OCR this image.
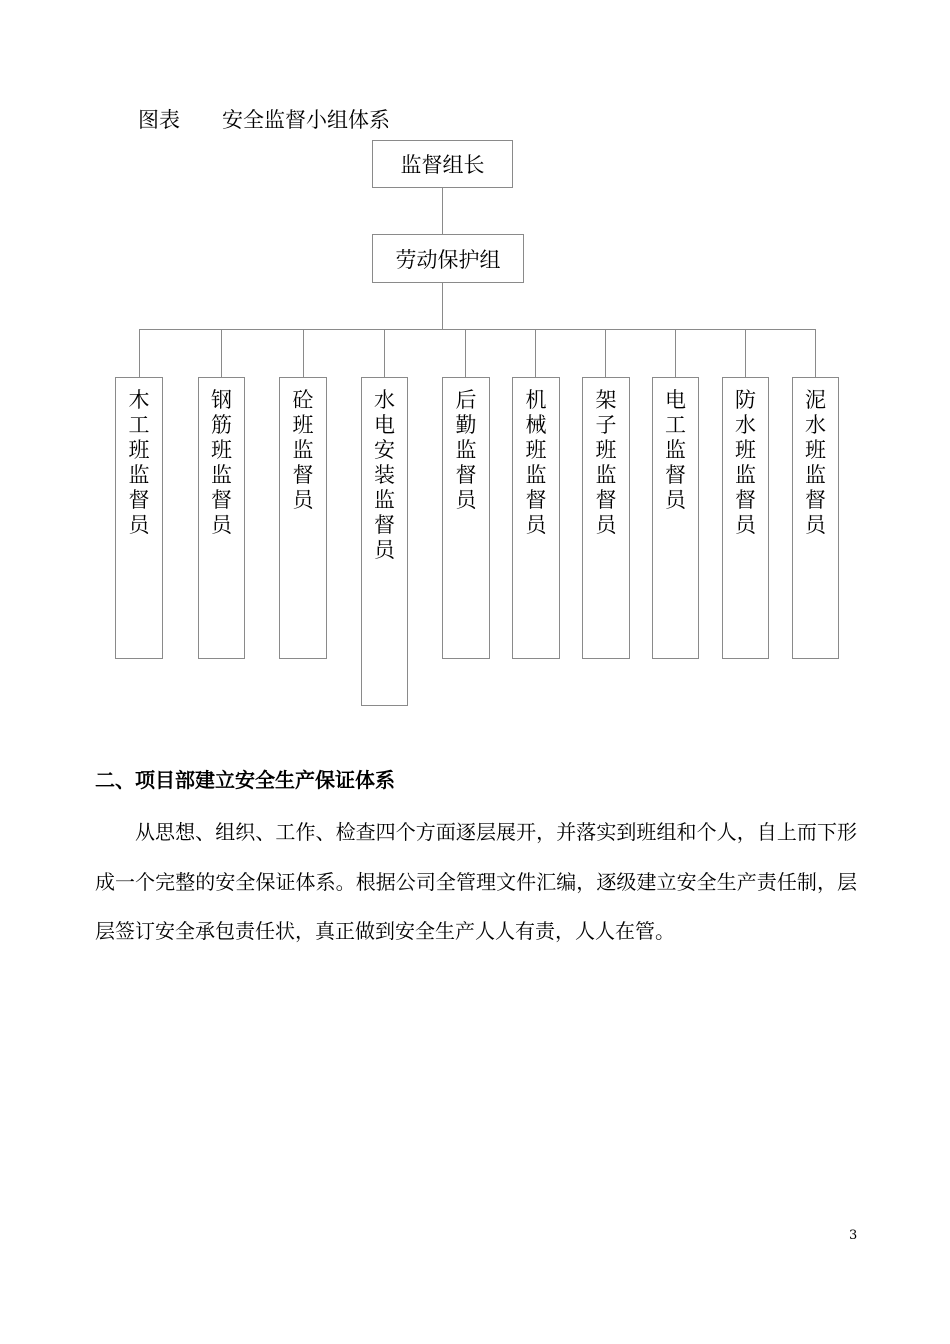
图表　　安全监督小组体系
监督组长
劳动保护组
木
工
班
监
督
员
钢
筋
班
监
督
员
砼
班
监
督
员
水
电
安
装
监
督
员
后
勤
监
督
员
机
械
班
监
督
员
架
子
班
监
督
员
电
工
监
督
员
防
水
班
监
督
员
泥
水
班
监
督
员
二、项目部建立安全生产保证体系
从思想、组织、工作、检查四个方面逐层展开，并落实到班组和个人，自上而下形成一个完整的安全保证体系。根据公司全管理文件汇编，逐级建立安全生产责任制，层层签订安全承包责任状，真正做到安全生产人人有责，人人在管。
3
